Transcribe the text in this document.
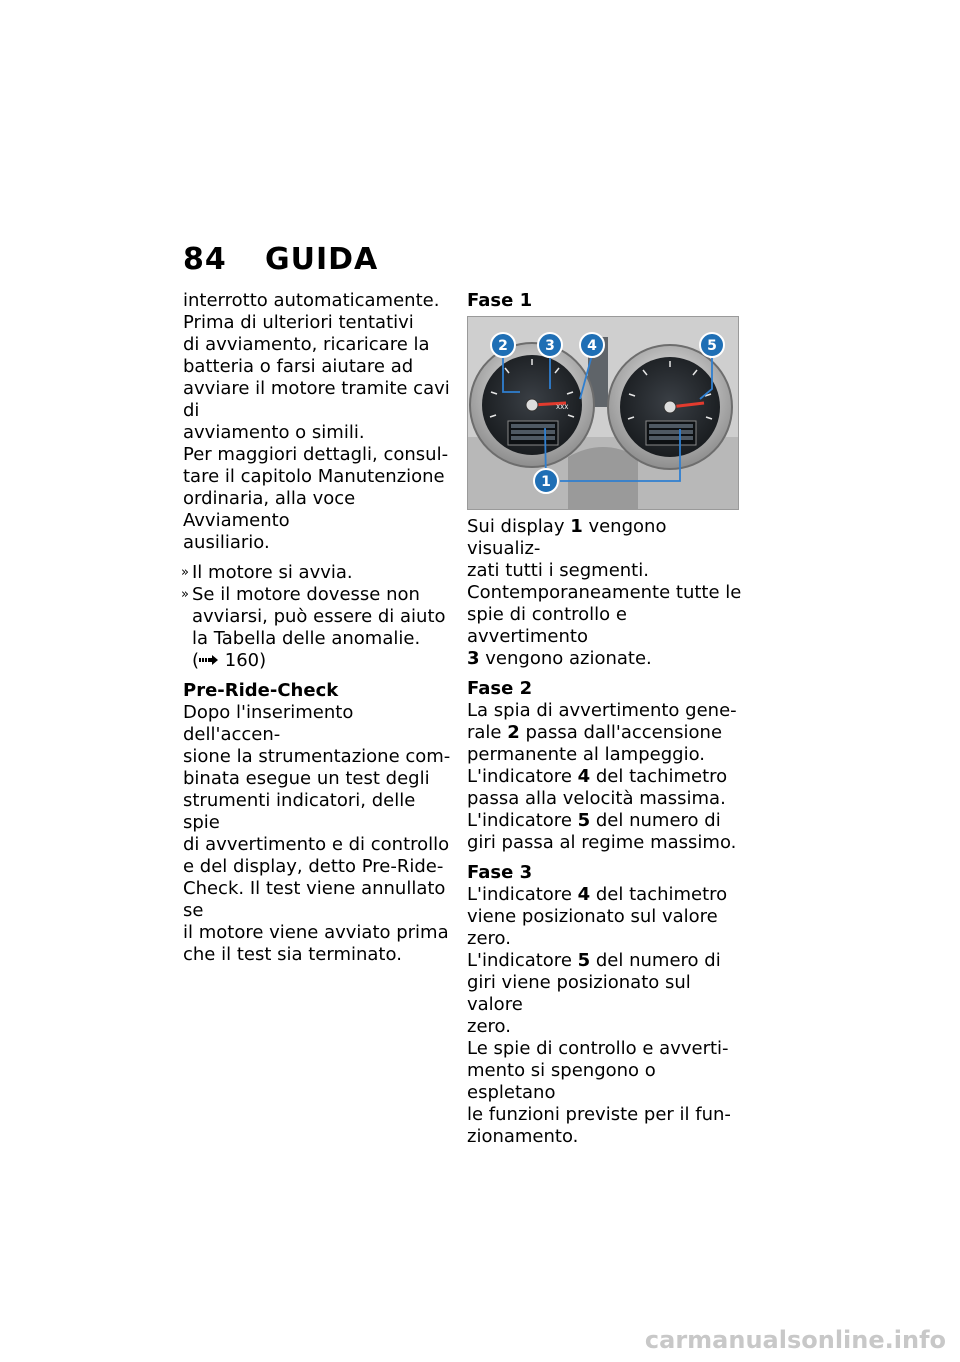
84 GUIDA

interrotto automaticamente.
Prima di ulteriori tentativi
di avviamento, ricaricare la
batteria o farsi aiutare ad
avviare il motore tramite cavi di
avviamento o simili.
Per maggiori dettagli, consul-
tare il capitolo Manutenzione
ordinaria, alla voce Avviamento
ausiliario.

» Il motore si avvia.
» Se il motore dovesse non
avviarsi, può essere di aiuto
la Tabella delle anomalie.
( 160)
Pre-Ride-Check

Dopo l'inserimento dell'accen-
sione la strumentazione com-
binata esegue un test degli
strumenti indicatori, delle spie
di avvertimento e di controllo
e del display, detto Pre-Ride-
Check. Il test viene annullato se
il motore viene avviato prima
che il test sia terminato.

Fase 1
XXX
1
2	3 4	5

Sui display 1 vengono visualiz-
zati tutti i segmenti.
Contemporaneamente tutte le
spie di controllo e avvertimento
3 vengono azionate.

Fase 2

La spia di avvertimento gene-
rale 2 passa dall'accensione
permanente al lampeggio.
L'indicatore 4 del tachimetro
passa alla velocità massima.
L'indicatore 5 del numero di
giri passa al regime massimo.

Fase 3

L'indicatore 4 del tachimetro
viene posizionato sul valore
zero.
L'indicatore 5 del numero di
giri viene posizionato sul valore
zero.
Le spie di controllo e avverti-
mento si spengono o espletano
le funzioni previste per il fun-
zionamento.

carmanualsonline.info
